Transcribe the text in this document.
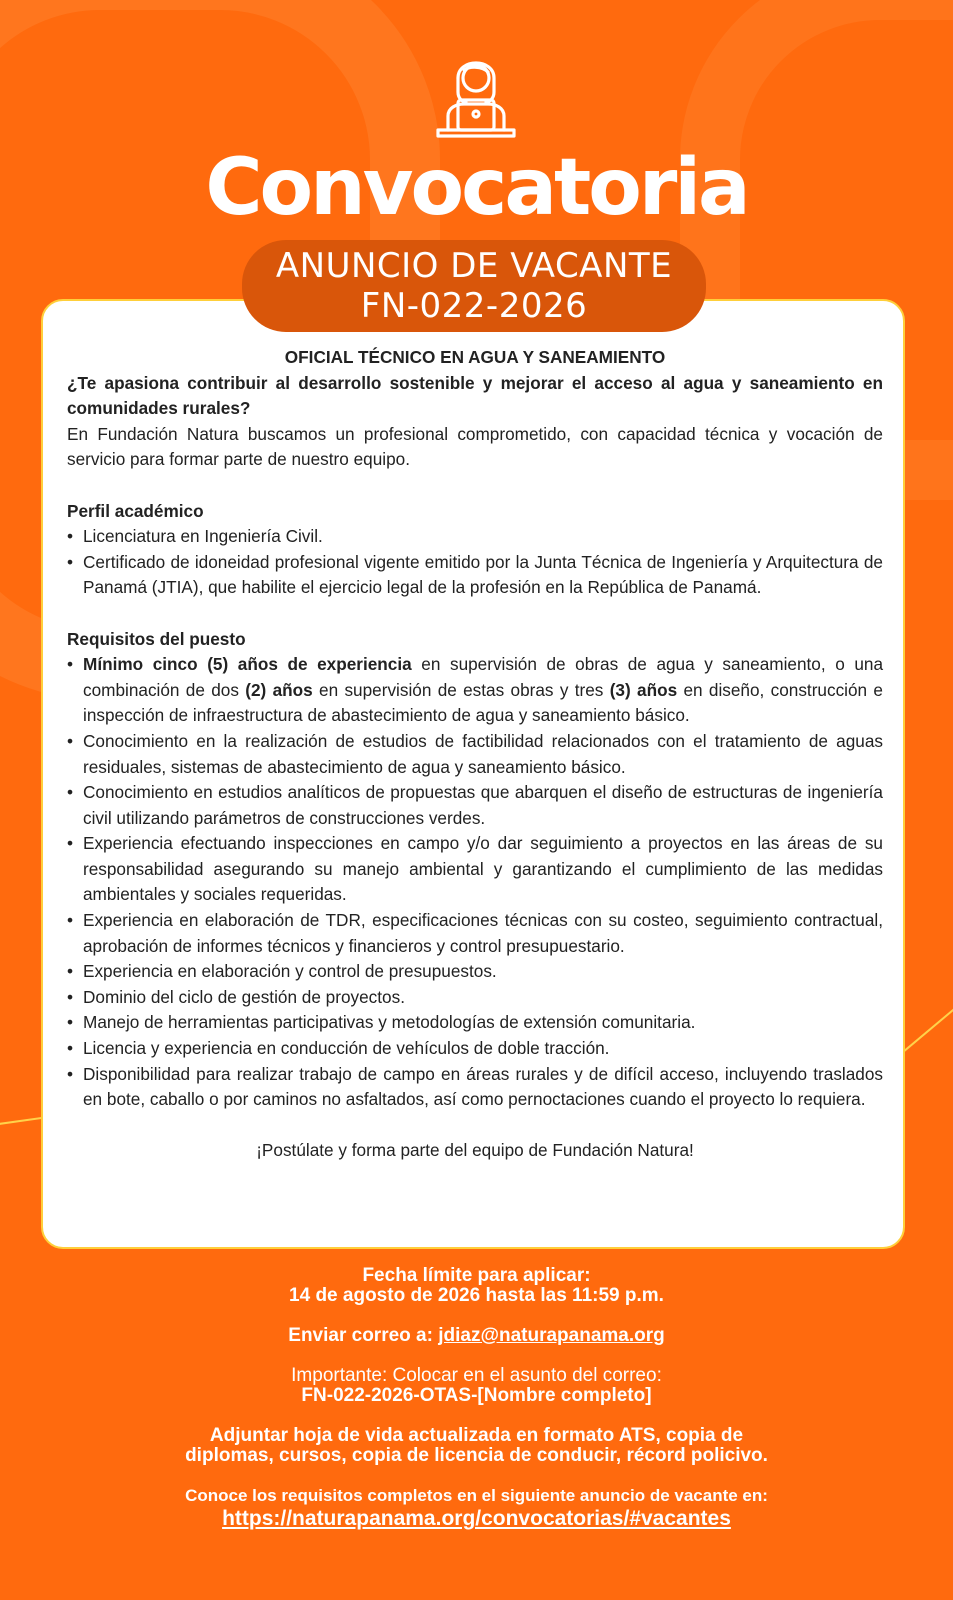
Convocatoria
ANUNCIO DE VACANTE
FN-022-2026

OFICIAL TÉCNICO EN AGUA Y SANEAMIENTO

¿Te apasiona contribuir al desarrollo sostenible y mejorar el acceso al agua y saneamiento en comunidades rurales?

En Fundación Natura buscamos un profesional comprometido, con capacidad técnica y vocación de servicio para formar parte de nuestro equipo.

Perfil académico

• Licenciatura en Ingeniería Civil.
• Certificado de idoneidad profesional vigente emitido por la Junta Técnica de Ingeniería y Arquitectura de Panamá (JTIA), que habilite el ejercicio legal de la profesión en la República de Panamá.

Requisitos del puesto

• Mínimo cinco (5) años de experiencia en supervisión de obras de agua y saneamiento, o una combinación de dos (2) años en supervisión de estas obras y tres (3) años en diseño, construcción e inspección de infraestructura de abastecimiento de agua y saneamiento básico.
• Conocimiento en la realización de estudios de factibilidad relacionados con el tratamiento de aguas residuales, sistemas de abastecimiento de agua y saneamiento básico.
• Conocimiento en estudios analíticos de propuestas que abarquen el diseño de estructuras de ingeniería civil utilizando parámetros de construcciones verdes.
• Experiencia efectuando inspecciones en campo y/o dar seguimiento a proyectos en las áreas de su responsabilidad asegurando su manejo ambiental y garantizando el cumplimiento de las medidas ambientales y sociales requeridas.
• Experiencia en elaboración de TDR, especificaciones técnicas con su costeo, seguimiento contractual, aprobación de informes técnicos y financieros y control presupuestario.
• Experiencia en elaboración y control de presupuestos.
• Dominio del ciclo de gestión de proyectos.
• Manejo de herramientas participativas y metodologías de extensión comunitaria.
• Licencia y experiencia en conducción de vehículos de doble tracción.
• Disponibilidad para realizar trabajo de campo en áreas rurales y de difícil acceso, incluyendo traslados en bote, caballo o por caminos no asfaltados, así como pernoctaciones cuando el proyecto lo requiera.

¡Postúlate y forma parte del equipo de Fundación Natura!

Fecha límite para aplicar:
14 de agosto de 2026 hasta las 11:59 p.m.
Enviar correo a: jdiaz@naturapanama.org
Importante: Colocar en el asunto del correo:
FN-022-2026-OTAS-[Nombre completo]
Adjuntar hoja de vida actualizada en formato ATS, copia de
diplomas, cursos, copia de licencia de conducir, récord policivo.
Conoce los requisitos completos en el siguiente anuncio de vacante en:
https://naturapanama.org/convocatorias/#vacantes
